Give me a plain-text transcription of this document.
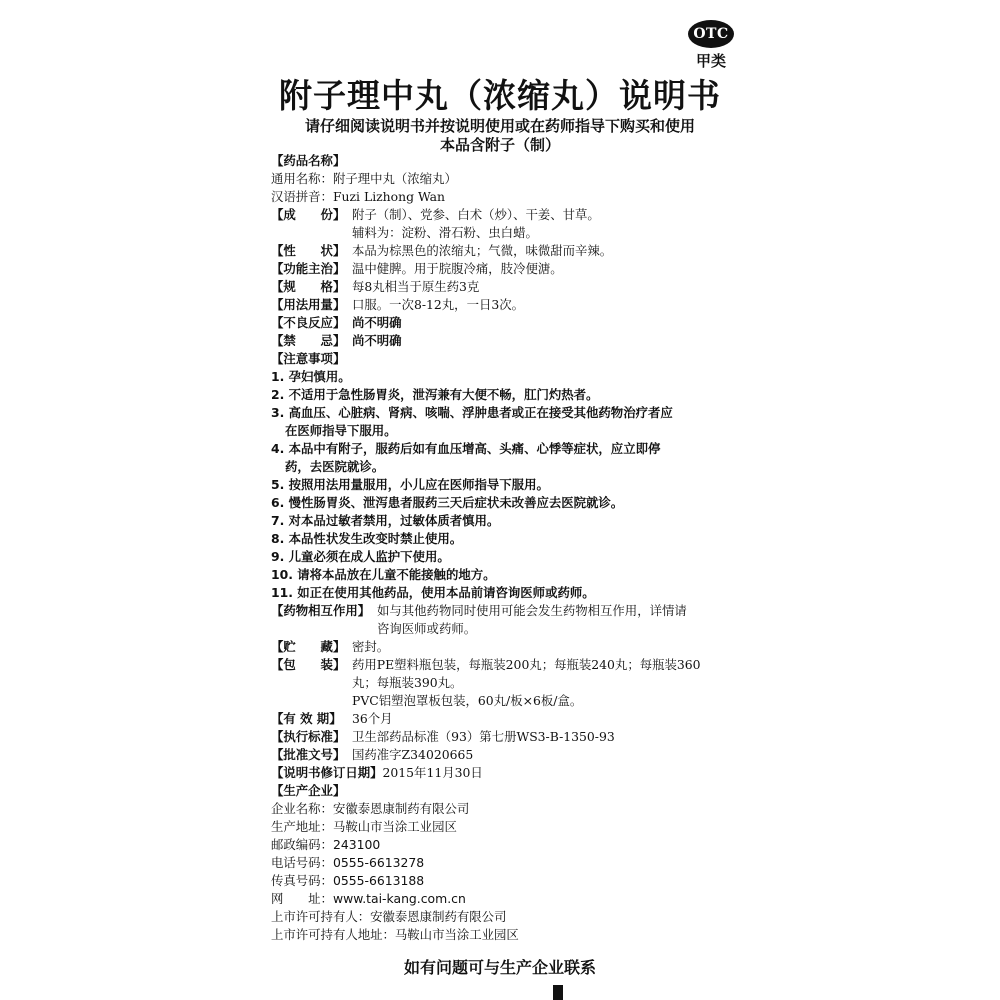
OTC
甲类
附子理中丸（浓缩丸）说明书
请仔细阅读说明书并按说明使用或在药师指导下购买和使用
本品含附子（制）
【药品名称】
通用名称：附子理中丸（浓缩丸）
汉语拼音：Fuzi Lizhong Wan
【成　　份】 附子（制）、党参、白术（炒）、干姜、甘草。
辅料为：淀粉、滑石粉、虫白蜡。
【性　　状】 本品为棕黑色的浓缩丸；气微，味微甜而辛辣。
【功能主治】 温中健脾。用于脘腹冷痛，肢冷便溏。
【规　　格】 每8丸相当于原生药3克
【用法用量】 口服。一次8-12丸，一日3次。
【不良反应】 尚不明确
【禁　　忌】 尚不明确
【注意事项】
1. 孕妇慎用。
2. 不适用于急性肠胃炎，泄泻兼有大便不畅，肛门灼热者。
3. 高血压、心脏病、肾病、咳喘、浮肿患者或正在接受其他药物治疗者应
在医师指导下服用。
4. 本品中有附子，服药后如有血压增高、头痛、心悸等症状，应立即停
药，去医院就诊。
5. 按照用法用量服用，小儿应在医师指导下服用。
6. 慢性肠胃炎、泄泻患者服药三天后症状未改善应去医院就诊。
7. 对本品过敏者禁用，过敏体质者慎用。
8. 本品性状发生改变时禁止使用。
9. 儿童必须在成人监护下使用。
10. 请将本品放在儿童不能接触的地方。
11. 如正在使用其他药品，使用本品前请咨询医师或药师。
【药物相互作用】 如与其他药物同时使用可能会发生药物相互作用，详情请
咨询医师或药师。
【贮　　藏】 密封。
【包　　装】 药用PE塑料瓶包装，每瓶装200丸；每瓶装240丸；每瓶装360
丸；每瓶装390丸。
PVC铝塑泡罩板包装，60丸/板×6板/盒。
【有 效 期】 36个月
【执行标准】 卫生部药品标准（93）第七册WS3-B-1350-93
【批准文号】 国药准字Z34020665
【说明书修订日期】2015年11月30日
【生产企业】
企业名称：安徽泰恩康制药有限公司
生产地址：马鞍山市当涂工业园区
邮政编码：243100
电话号码：0555-6613278
传真号码：0555-6613188
网　　址：www.tai-kang.com.cn
上市许可持有人：安徽泰恩康制药有限公司
上市许可持有人地址：马鞍山市当涂工业园区
如有问题可与生产企业联系
